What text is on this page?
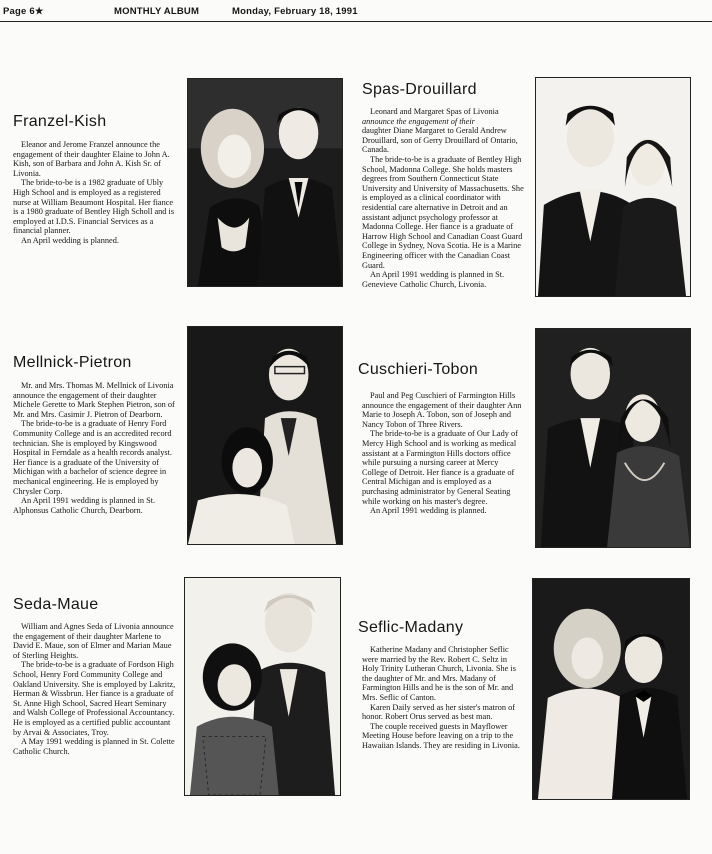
Page 6★	MONTHLY ALBUM	Monday, February 18, 1991
Franzel-Kish

Eleanor and Jerome Franzel announce the engagement of their daughter Elaine to John A. Kish, son of Barbara and John A. Kish Sr. of Livonia.

The bride-to-be is a 1982 graduate of Ubly High School and is employed as a registered nurse at William Beaumont Hospital. Her fiance is a 1980 graduate of Bentley High Scholl and is employed at I.D.S. Financial Services as a financial planner.

An April wedding is planned.

Spas-Drouillard

Leonard and Margaret Spas of Livonia

announce the engagement of their

daughter Diane Margaret to Gerald Andrew Drouillard, son of Gerry Drouillard of Ontario, Canada.

The bride-to-be is a graduate of Bentley High School, Madonna College. She holds masters degrees from Southern Connecticut State University and University of Massachusetts. She is employed as a clinical coordinator with residential care alternative in Detroit and an assistant adjunct psychology professor at Madonna College. Her fiance is a graduate of Harrow High School and Canadian Coast Guard College in Sydney, Nova Scotia. He is a Marine Engineering officer with the Canadian Coast Guard.

An April 1991 wedding is planned in St. Genevieve Catholic Church, Livonia.

Mellnick-Pietron

Mr. and Mrs. Thomas M. Mellnick of Livonia announce the engagement of their daughter Michele Gerette to Mark Stephen Pietron, son of Mr. and Mrs. Casimir J. Pietron of Dearborn.

The bride-to-be is a graduate of Henry Ford Community College and is an accredited record technician. She is employed by Kingswood Hospital in Ferndale as a health records analyst. Her fiance is a graduate of the University of Michigan with a bachelor of science degree in mechanical engineering. He is employed by Chrysler Corp.

An April 1991 wedding is planned in St. Alphonsus Catholic Church, Dearborn.

Cuschieri-Tobon

Paul and Peg Cuschieri of Farmington Hills announce the engagement of their daughter Ann Marie to Joseph A. Tobon, son of Joseph and Nancy Tobon of Three Rivers.

The bride-to-be is a graduate of Our Lady of Mercy High School and is working as medical assistant at a Farmington Hills doctors office while pursuing a nursing career at Mercy College of Detroit. Her fiance is a graduate of Central Michigan and is employed as a purchasing administrator by General Seating while working on his master's degree.

An April 1991 wedding is planned.

Seda-Maue

William and Agnes Seda of Livonia announce the engagement of their daughter Marlene to David E. Maue, son of Elmer and Marian Maue of Sterling Heights.

The bride-to-be is a graduate of Fordson High School, Henry Ford Community College and Oakland University. She is employed by Lakritz, Herman & Wissbrun. Her fiance is a graduate of St. Anne High School, Sacred Heart Seminary and Walsh College of Professional Accountancy. He is employed as a certified public accountant by Arvai & Associates, Troy.

A May 1991 wedding is planned in St. Colette Catholic Church.

Seflic-Madany

Katherine Madany and Christopher Seflic were married by the Rev. Robert C. Seltz in Holy Trinity Lutheran Church, Livonia. She is the daughter of Mr. and Mrs. Madany of Farmington Hills and he is the son of Mr. and Mrs. Seflic of Canton.

Karen Daily served as her sister's matron of honor. Robert Orus served as best man.

The couple received guests in Mayflower Meeting House before leaving on a trip to the Hawaiian Islands. They are residing in Livonia.
